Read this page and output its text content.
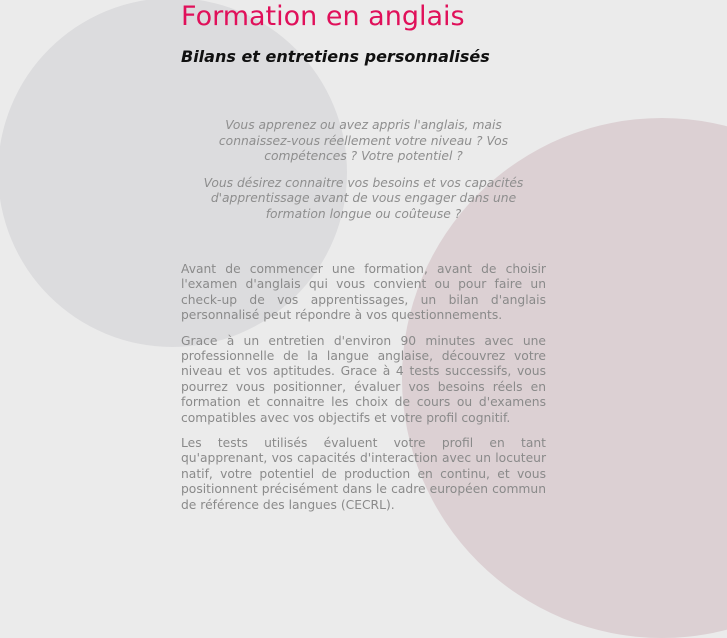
Formation en anglais
Bilans et entretiens personnalisés

Vous apprenez ou avez appris l'anglais, mais connaissez-vous réellement votre niveau ? Vos compétences ? Votre potentiel ?

Vous désirez connaitre vos besoins et vos capacités d'apprentissage avant de vous engager dans une formation longue ou coûteuse ?

Avant de commencer une formation, avant de choisir l'examen d'anglais qui vous convient ou pour faire un check-up de vos apprentissages, un bilan d'anglais personnalisé peut répondre à vos questionnements.

Grace à un entretien d'environ 90 minutes avec une professionnelle de la langue anglaise, découvrez votre niveau et vos aptitudes. Grace à 4 tests successifs, vous pourrez vous positionner, évaluer vos besoins réels en formation et connaitre les choix de cours ou d'examens compatibles avec vos objectifs et votre profil cognitif.

Les tests utilisés évaluent votre profil en tant qu'apprenant, vos capacités d'interaction avec un locuteur natif, votre potentiel de production en continu, et vous positionnent précisément dans le cadre européen commun de référence des langues (CECRL).
